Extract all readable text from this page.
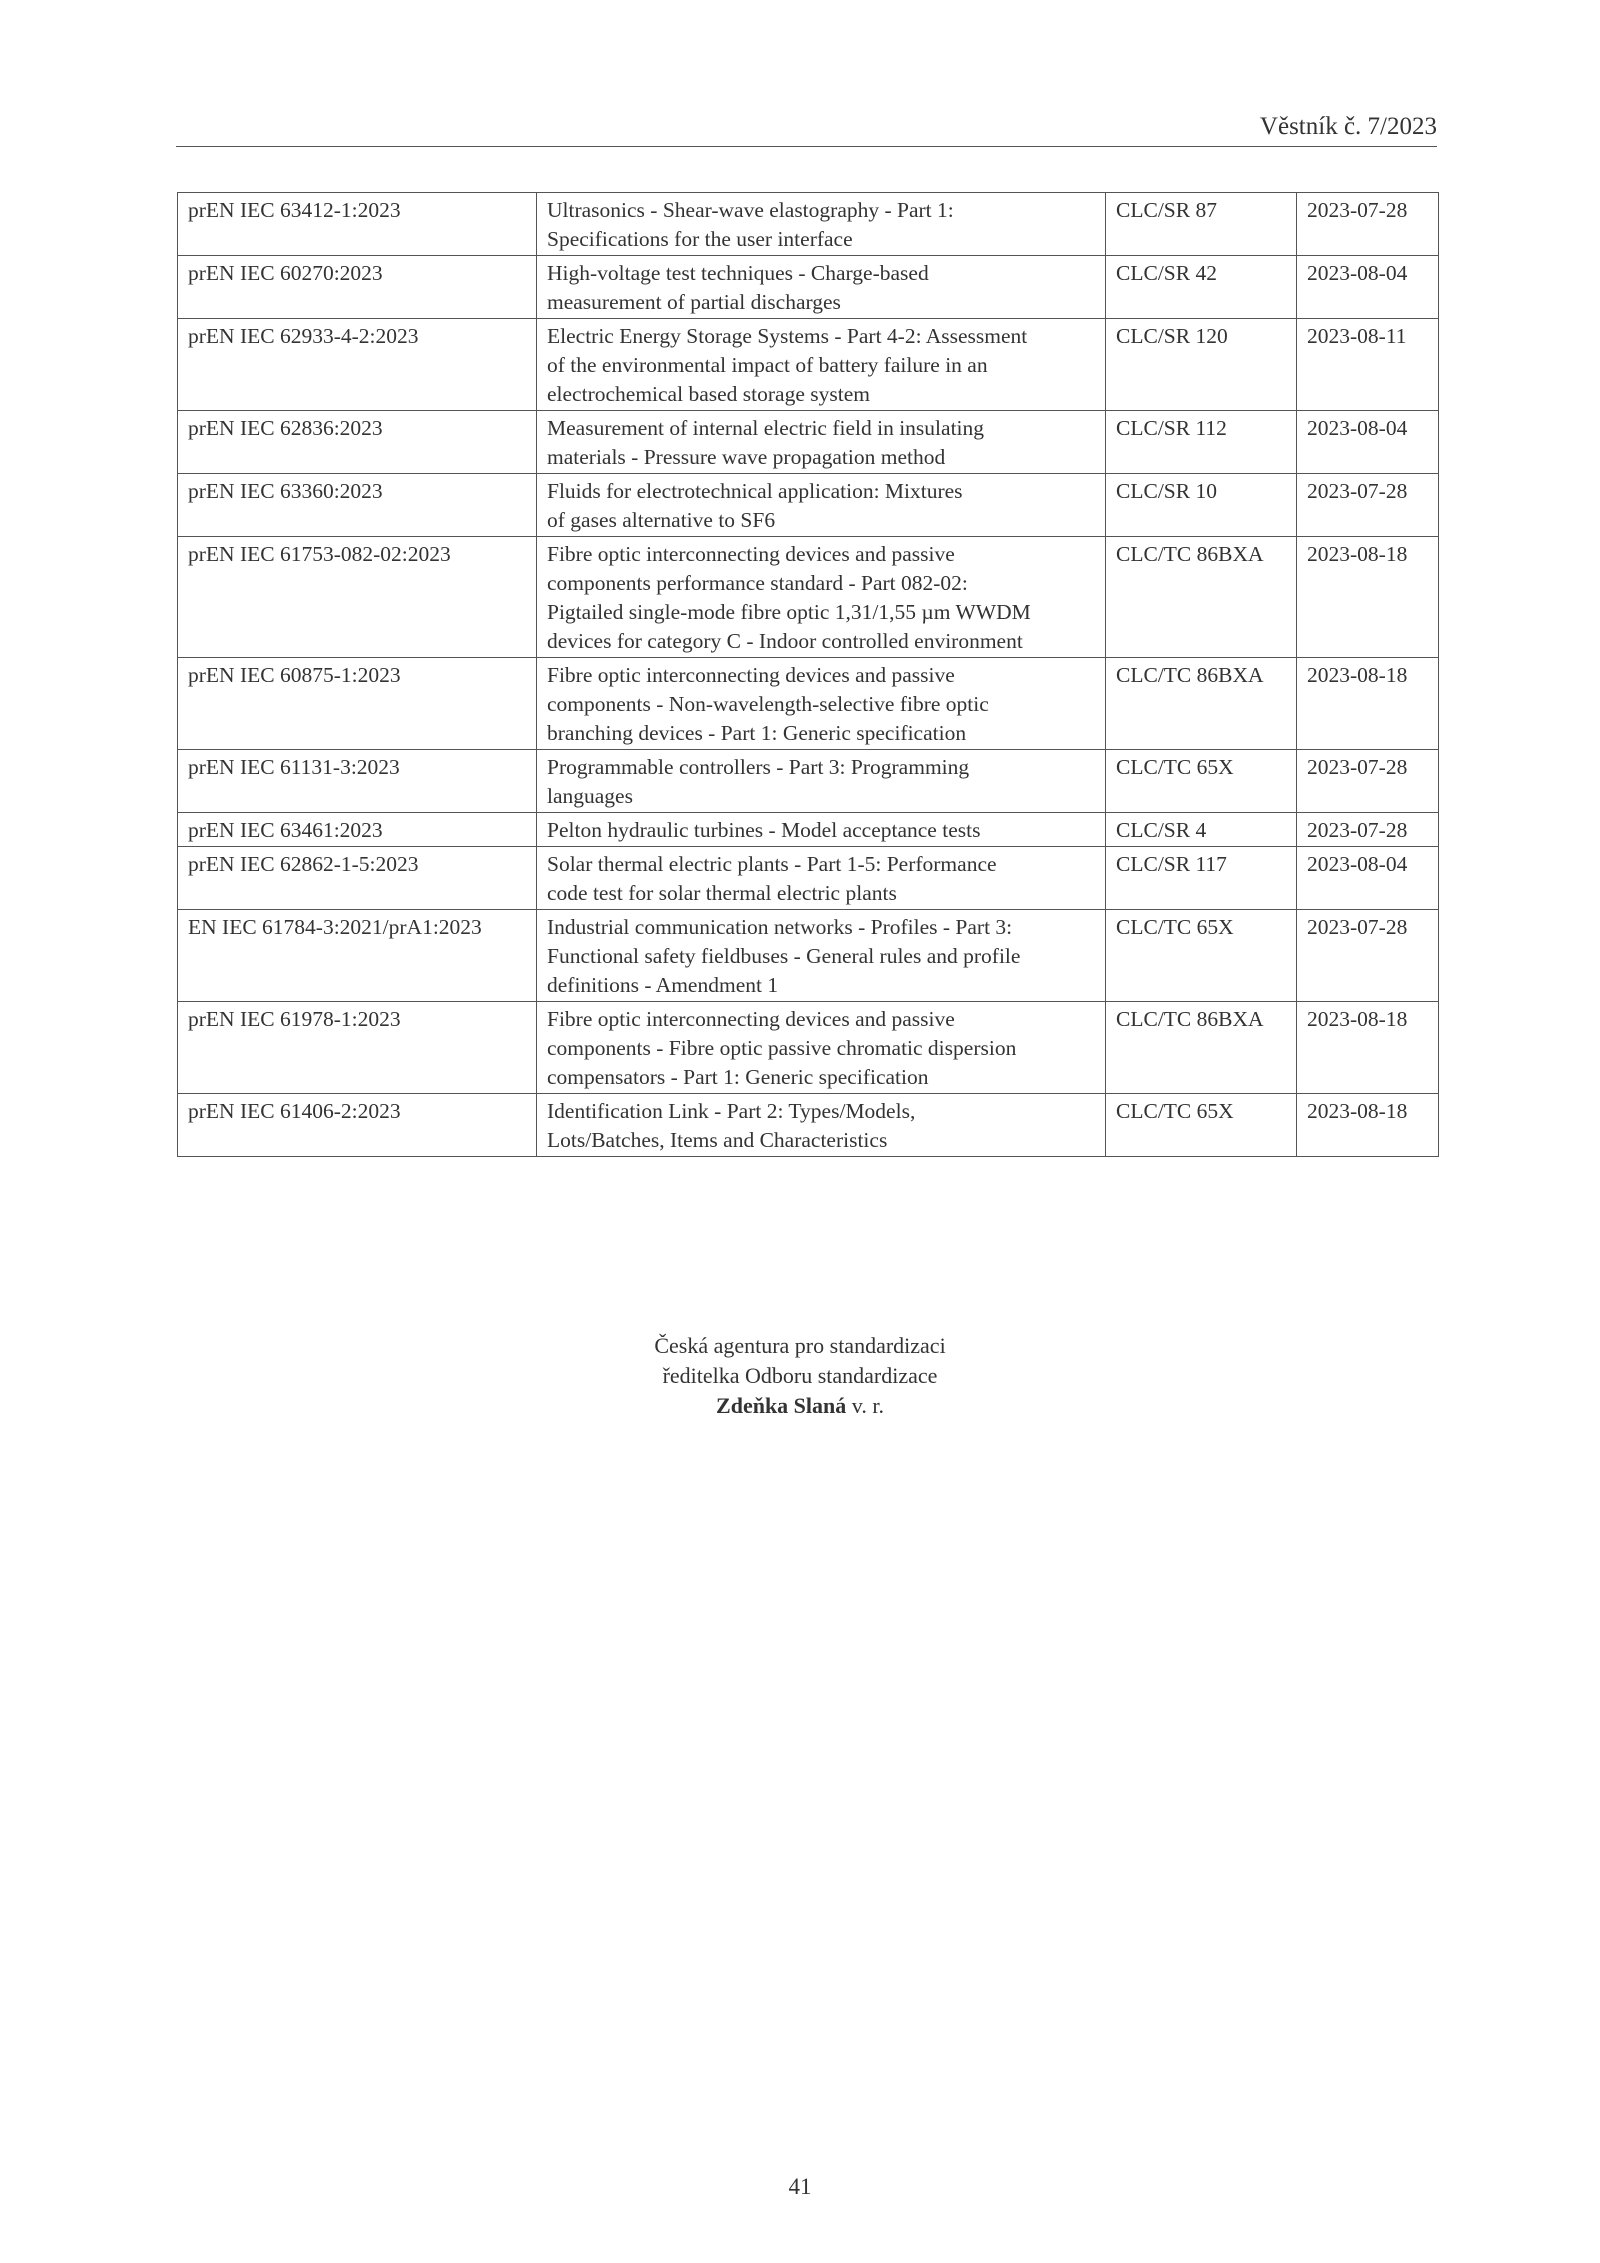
Věstník č. 7/2023
prEN IEC 63412-1:2023	Ultrasonics - Shear-wave elastography - Part 1:
Specifications for the user interface	CLC/SR 87	2023-07-28
prEN IEC 60270:2023	High-voltage test techniques - Charge-based
measurement of partial discharges	CLC/SR 42	2023-08-04
prEN IEC 62933-4-2:2023	Electric Energy Storage Systems - Part 4-2: Assessment
of the environmental impact of battery failure in an
electrochemical based storage system	CLC/SR 120	2023-08-11
prEN IEC 62836:2023	Measurement of internal electric field in insulating
materials - Pressure wave propagation method	CLC/SR 112	2023-08-04
prEN IEC 63360:2023	Fluids for electrotechnical application: Mixtures
of gases alternative to SF6	CLC/SR 10	2023-07-28
prEN IEC 61753-082-02:2023	Fibre optic interconnecting devices and passive
components performance standard - Part 082-02:
Pigtailed single-mode fibre optic 1,31/1,55 µm WWDM
devices for category C - Indoor controlled environment	CLC/TC 86BXA	2023-08-18
prEN IEC 60875-1:2023	Fibre optic interconnecting devices and passive
components - Non-wavelength-selective fibre optic
branching devices - Part 1: Generic specification	CLC/TC 86BXA	2023-08-18
prEN IEC 61131-3:2023	Programmable controllers - Part 3: Programming
languages	CLC/TC 65X	2023-07-28
prEN IEC 63461:2023	Pelton hydraulic turbines - Model acceptance tests	CLC/SR 4	2023-07-28
prEN IEC 62862-1-5:2023	Solar thermal electric plants - Part 1-5: Performance
code test for solar thermal electric plants	CLC/SR 117	2023-08-04
EN IEC 61784-3:2021/prA1:2023	Industrial communication networks - Profiles - Part 3:
Functional safety fieldbuses - General rules and profile
definitions - Amendment 1	CLC/TC 65X	2023-07-28
prEN IEC 61978-1:2023	Fibre optic interconnecting devices and passive
components - Fibre optic passive chromatic dispersion
compensators - Part 1: Generic specification	CLC/TC 86BXA	2023-08-18
prEN IEC 61406-2:2023	Identification Link - Part 2: Types/Models,
Lots/Batches, Items and Characteristics	CLC/TC 65X	2023-08-18
Česká agentura pro standardizaci
ředitelka Odboru standardizace
Zdeňka Slaná v. r.
41
